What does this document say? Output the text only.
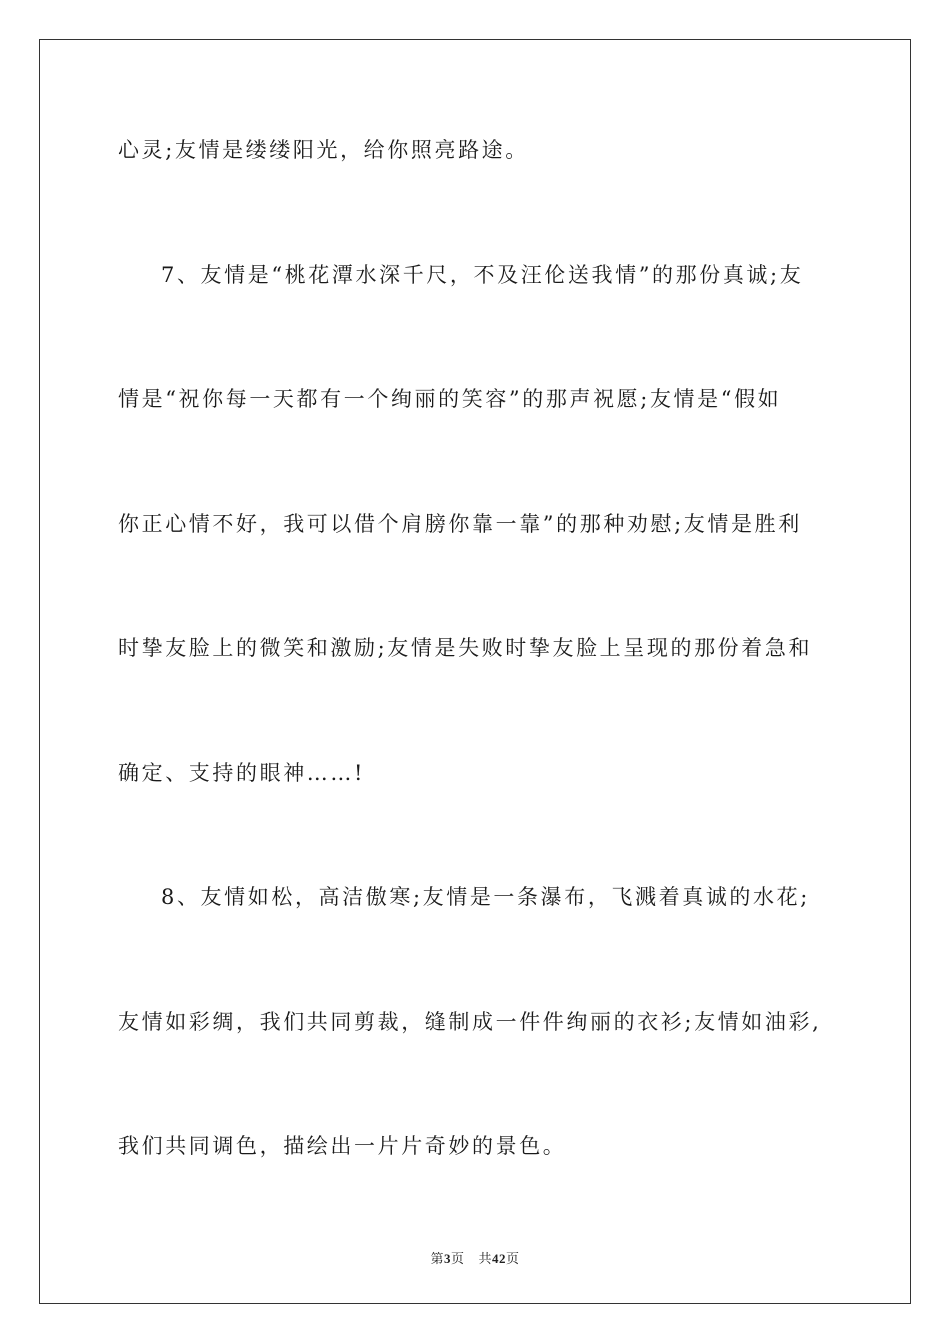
心灵;友情是缕缕阳光，给你照亮路途。
7、友情是“桃花潭水深千尺，不及汪伦送我情”的那份真诚;友
情是“祝你每一天都有一个绚丽的笑容”的那声祝愿;友情是“假如
你正心情不好，我可以借个肩膀你靠一靠”的那种劝慰;友情是胜利
时挚友脸上的微笑和激励;友情是失败时挚友脸上呈现的那份着急和
确定、支持的眼神……!
8、友情如松，高洁傲寒;友情是一条瀑布，飞溅着真诚的水花;
友情如彩绸，我们共同剪裁，缝制成一件件绚丽的衣衫;友情如油彩,
我们共同调色，描绘出一片片奇妙的景色。
第3页 共42页
